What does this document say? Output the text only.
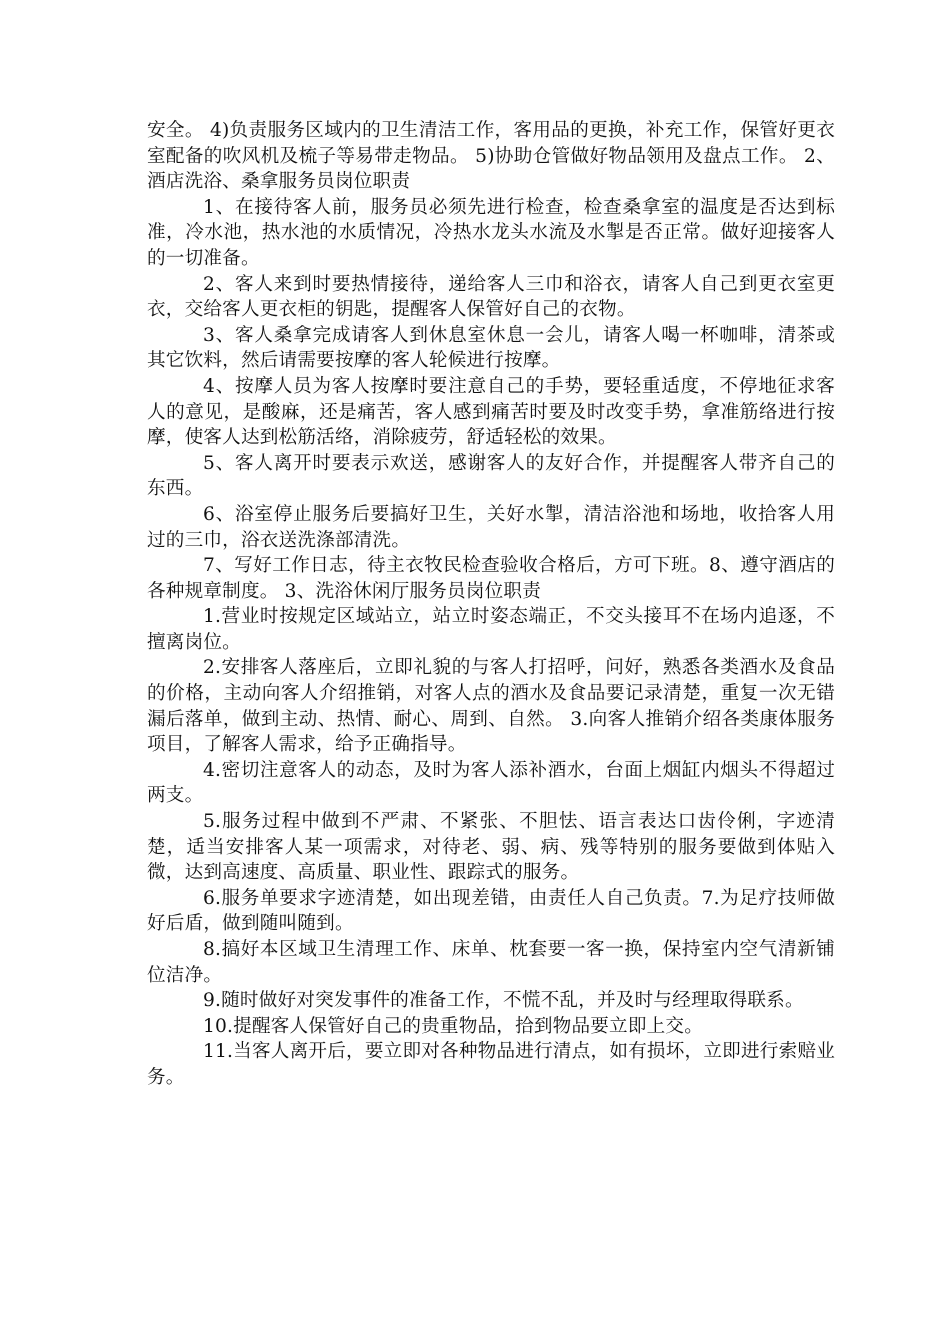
安全。 4)负责服务区域内的卫生清洁工作，客用品的更换，补充工作，保管好更衣室配备的吹风机及梳子等易带走物品。 5)协助仓管做好物品领用及盘点工作。 2、酒店洗浴、桑拿服务员岗位职责

1、在接待客人前，服务员必须先进行检查，检查桑拿室的温度是否达到标准，冷水池，热水池的水质情况，冷热水龙头水流及水掣是否正常。做好迎接客人的一切准备。

2、客人来到时要热情接待，递给客人三巾和浴衣，请客人自己到更衣室更衣，交给客人更衣柜的钥匙，提醒客人保管好自己的衣物。

3、客人桑拿完成请客人到休息室休息一会儿，请客人喝一杯咖啡，清茶或其它饮料，然后请需要按摩的客人轮候进行按摩。

4、按摩人员为客人按摩时要注意自己的手势，要轻重适度，不停地征求客人的意见，是酸麻，还是痛苦，客人感到痛苦时要及时改变手势，拿准筋络进行按摩，使客人达到松筋活络，消除疲劳，舒适轻松的效果。

5、客人离开时要表示欢送，感谢客人的友好合作，并提醒客人带齐自己的东西。

6、浴室停止服务后要搞好卫生，关好水掣，清洁浴池和场地，收拾客人用过的三巾，浴衣送洗涤部清洗。

7、写好工作日志，待主衣牧民检查验收合格后，方可下班。8、遵守酒店的各种规章制度。 3、洗浴休闲厅服务员岗位职责

1.营业时按规定区域站立，站立时姿态端正，不交头接耳不在场内追逐，不擅离岗位。

2.安排客人落座后，立即礼貌的与客人打招呼，问好，熟悉各类酒水及食品的价格，主动向客人介绍推销，对客人点的酒水及食品要记录清楚，重复一次无错漏后落单，做到主动、热情、耐心、周到、自然。 3.向客人推销介绍各类康体服务项目，了解客人需求，给予正确指导。

4.密切注意客人的动态，及时为客人添补酒水，台面上烟缸内烟头不得超过两支。

5.服务过程中做到不严肃、不紧张、不胆怯、语言表达口齿伶俐，字迹清楚，适当安排客人某一项需求，对待老、弱、病、残等特别的服务要做到体贴入微，达到高速度、高质量、职业性、跟踪式的服务。

6.服务单要求字迹清楚，如出现差错，由责任人自己负责。7.为足疗技师做好后盾，做到随叫随到。

8.搞好本区域卫生清理工作、床单、枕套要一客一换，保持室内空气清新铺位洁净。

9.随时做好对突发事件的准备工作，不慌不乱，并及时与经理取得联系。

10.提醒客人保管好自己的贵重物品，拾到物品要立即上交。

11.当客人离开后，要立即对各种物品进行清点，如有损坏，立即进行索赔业务。
